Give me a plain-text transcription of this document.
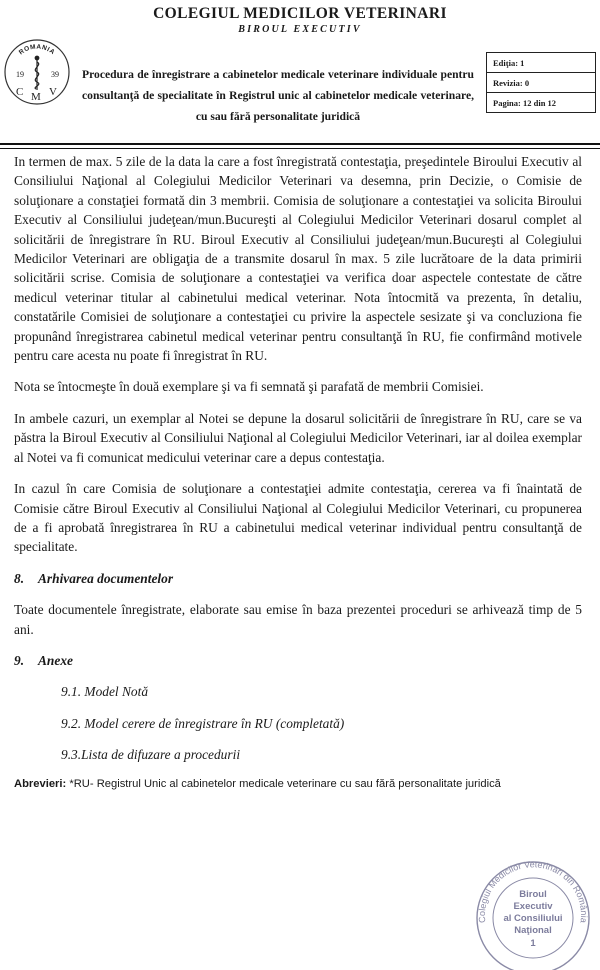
COLEGIUL MEDICILOR VETERINARI
BIROUL EXECUTIV
ROMANIA
19	39
C M V
Procedura de înregistrare a cabinetelor medicale veterinare individuale pentru consultanţă de specialitate în Registrul unic al cabinetelor medicale veterinare, cu sau fără personalitate juridică
Ediţia: 1
Revizia: 0
Pagina: 12 din 12

In termen de max. 5 zile de la data la care a fost înregistrată contestaţia, preşedintele Biroului Executiv al Consiliului Naţional al Colegiului Medicilor Veterinari va desemna, prin Decizie, o Comisie de soluţionare a constaţiei formată din 3 membrii. Comisia de soluţionare a contestaţiei va solicita Biroului Executiv al Consiliului judeţean/mun.Bucureşti al Colegiului Medicilor Veterinari dosarul complet al solicitării de înregistrare în RU. Biroul Executiv al Consiliului judeţean/mun.Bucureşti al Colegiului Medicilor Veterinari are obligaţia de a transmite dosarul în max. 5 zile lucrătoare de la data primirii solicitării scrise. Comisia de soluţionare a contestaţiei va verifica doar aspectele contestate de către medicul veterinar titular al cabinetului medical veterinar. Nota întocmită va prezenta, în detaliu, constatările Comisiei de soluţionare a contestaţiei cu privire la aspectele sesizate şi va concluziona fie propunând înregistrarea cabinetul medical veterinar pentru consultanţă în RU, fie confirmând motivele pentru care acesta nu poate fi înregistrat în RU.

Nota se întocmeşte în două exemplare şi va fi semnată şi parafată de membrii Comisiei.

In ambele cazuri, un exemplar al Notei se depune la dosarul solicitării de înregistrare în RU, care se va păstra la Biroul Executiv al Consiliului Naţional al Colegiului Medicilor Veterinari, iar al doilea exemplar al Notei va fi comunicat medicului veterinar care a depus contestaţia.

In cazul în care Comisia de soluţionare a contestaţiei admite contestaţia, cererea va fi înaintată de Comisie către Biroul Executiv al Consiliului Naţional al Colegiului Medicilor Veterinari, cu propunerea de a fi aprobată înregistrarea în RU a cabinetului medical veterinar individual pentru consultanţă de specialitate.

8. Arhivarea documentelor

Toate documentele înregistrate, elaborate sau emise în baza prezentei proceduri se arhivează timp de 5 ani.

9. Anexe
9.1. Model Notă
9.2. Model cerere de înregistrare în RU (completată)
9.3.Lista de difuzare a procedurii
Abrevieri: *RU- Registrul Unic al cabinetelor medicale veterinare cu sau fără personalitate juridică
Colegiul Medicilor Veterinari din România
Biroul
Executiv
al Consiliului
Naţional
1
